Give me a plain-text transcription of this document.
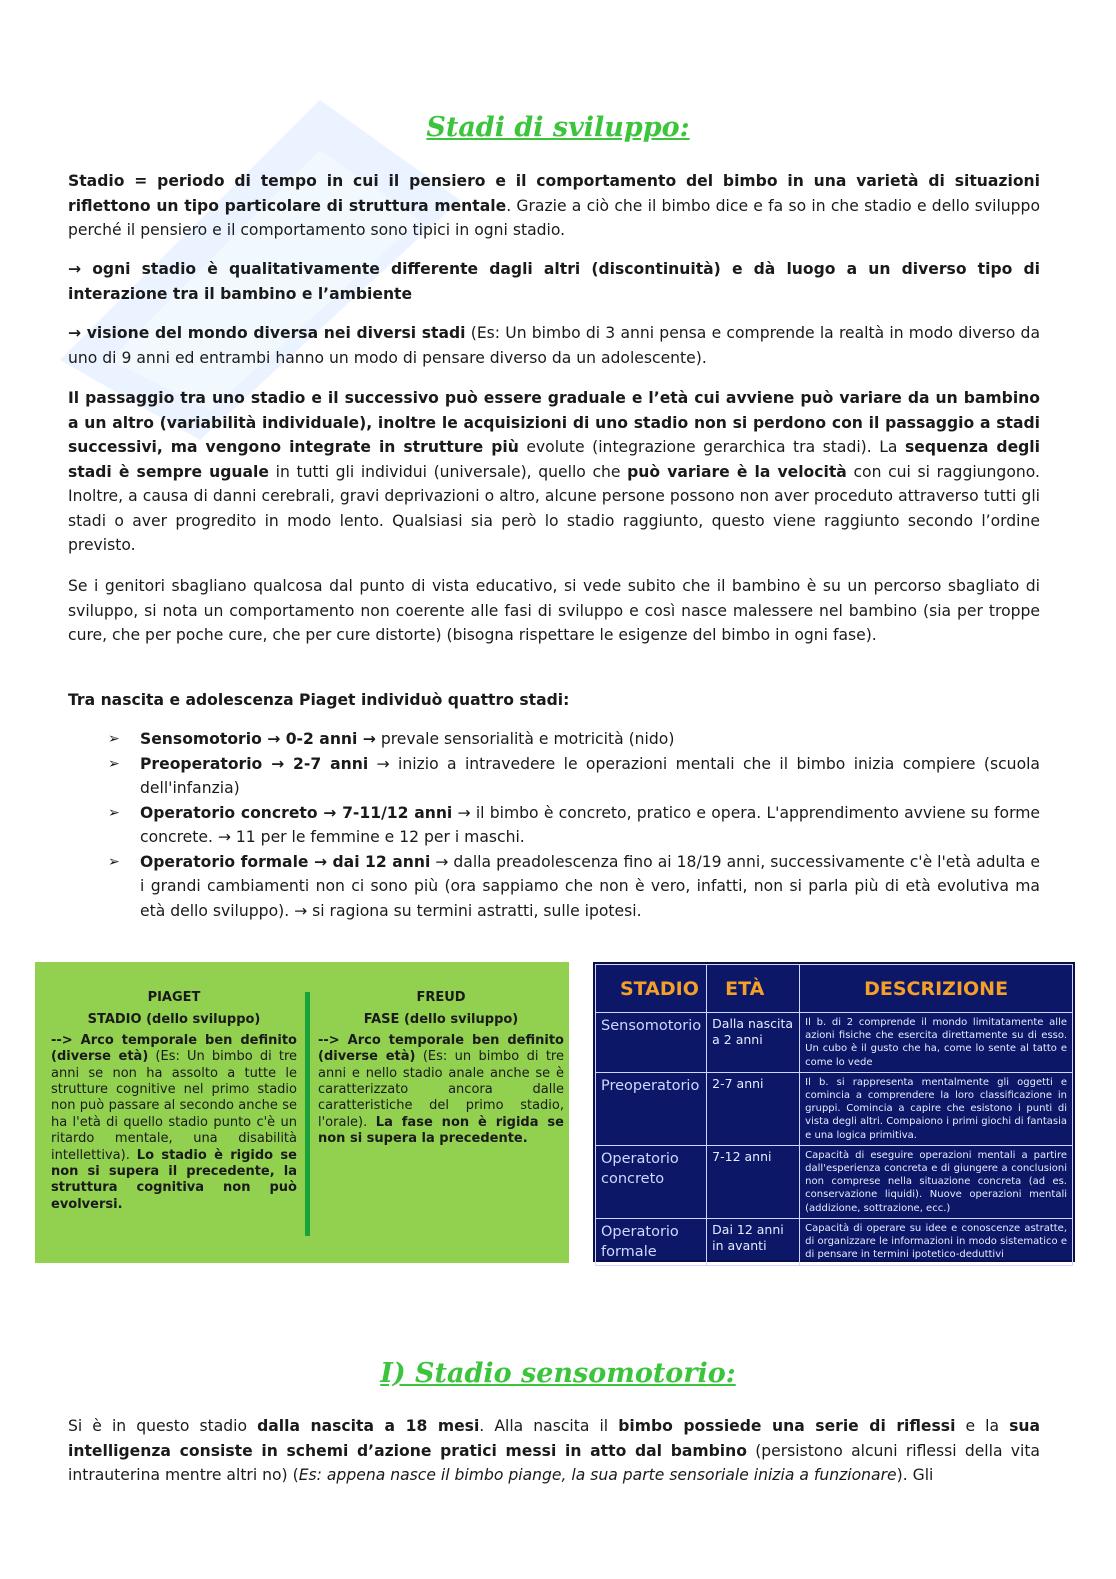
Stadi di sviluppo:

Stadio = periodo di tempo in cui il pensiero e il comportamento del bimbo in una varietà di situazioni riflettono un tipo particolare di struttura mentale. Grazie a ciò che il bimbo dice e fa so in che stadio e dello sviluppo perché il pensiero e il comportamento sono tipici in ogni stadio.

→ ogni stadio è qualitativamente differente dagli altri (discontinuità) e dà luogo a un diverso tipo di interazione tra il bambino e l’ambiente

→ visione del mondo diversa nei diversi stadi (Es: Un bimbo di 3 anni pensa e comprende la realtà in modo diverso da uno di 9 anni ed entrambi hanno un modo di pensare diverso da un adolescente).

Il passaggio tra uno stadio e il successivo può essere graduale e l’età cui avviene può variare da un bambino a un altro (variabilità individuale), inoltre le acquisizioni di uno stadio non si perdono con il passaggio a stadi successivi, ma vengono integrate in strutture più evolute (integrazione gerarchica tra stadi). La sequenza degli stadi è sempre uguale in tutti gli individui (universale), quello che può variare è la velocità con cui si raggiungono. Inoltre, a causa di danni cerebrali, gravi deprivazioni o altro, alcune persone possono non aver proceduto attraverso tutti gli stadi o aver progredito in modo lento. Qualsiasi sia però lo stadio raggiunto, questo viene raggiunto secondo l’ordine previsto.

Se i genitori sbagliano qualcosa dal punto di vista educativo, si vede subito che il bambino è su un percorso sbagliato di sviluppo, si nota un comportamento non coerente alle fasi di sviluppo e così nasce malessere nel bambino (sia per troppe cure, che per poche cure, che per cure distorte) (bisogna rispettare le esigenze del bimbo in ogni fase).

Tra nascita e adolescenza Piaget individuò quattro stadi:

➢ Sensomotorio → 0-2 anni → prevale sensorialità e motricità (nido)
➢ Preoperatorio → 2-7 anni → inizio a intravedere le operazioni mentali che il bimbo inizia compiere (scuola dell'infanzia)
➢ Operatorio concreto → 7-11/12 anni → il bimbo è concreto, pratico e opera. L'apprendimento avviene su forme concrete. → 11 per le femmine e 12 per i maschi.
➢ Operatorio formale → dai 12 anni → dalla preadolescenza fino ai 18/19 anni, successivamente c'è l'età adulta e i grandi cambiamenti non ci sono più (ora sappiamo che non è vero, infatti, non si parla più di età evolutiva ma età dello sviluppo). → si ragiona su termini astratti, sulle ipotesi.
PIAGET
STADIO (dello sviluppo)
--> Arco temporale ben definito (diverse età) (Es: Un bimbo di tre anni se non ha assolto a tutte le strutture cognitive nel primo stadio non può passare al secondo anche se ha l'età di quello stadio punto c'è un ritardo mentale, una disabilità intellettiva). Lo stadio è rigido se non si supera il precedente, la struttura cognitiva non può evolversi.
FREUD
FASE (dello sviluppo)
--> Arco temporale ben definito (diverse età) (Es: un bimbo di tre anni e nello stadio anale anche se è caratterizzato ancora dalle caratteristiche del primo stadio, l'orale). La fase non è rigida se non si supera la precedente.
STADIO	ETÀ	DESCRIZIONE
Sensomotorio	Dalla nascita a 2 anni	Il b. di 2 comprende il mondo limitatamente alle azioni fisiche che esercita direttamente su di esso. Un cubo è il gusto che ha, come lo sente al tatto e come lo vede
Preoperatorio	2-7 anni	Il b. si rappresenta mentalmente gli oggetti e comincia a comprendere la loro classificazione in gruppi. Comincia a capire che esistono i punti di vista degli altri. Compaiono i primi giochi di fantasia e una logica primitiva.
Operatorio concreto	7-12 anni	Capacità di eseguire operazioni mentali a partire dall'esperienza concreta e di giungere a conclusioni non comprese nella situazione concreta (ad es. conservazione liquidi). Nuove operazioni mentali (addizione, sottrazione, ecc.)
Operatorio formale	Dai 12 anni in avanti	Capacità di operare su idee e conoscenze astratte, di organizzare le informazioni in modo sistematico e di pensare in termini ipotetico-deduttivi
I) Stadio sensomotorio:

Si è in questo stadio dalla nascita a 18 mesi. Alla nascita il bimbo possiede una serie di riflessi e la sua intelligenza consiste in schemi d’azione pratici messi in atto dal bambino (persistono alcuni riflessi della vita intrauterina mentre altri no) (Es: appena nasce il bimbo piange, la sua parte sensoriale inizia a funzionare). Gli
